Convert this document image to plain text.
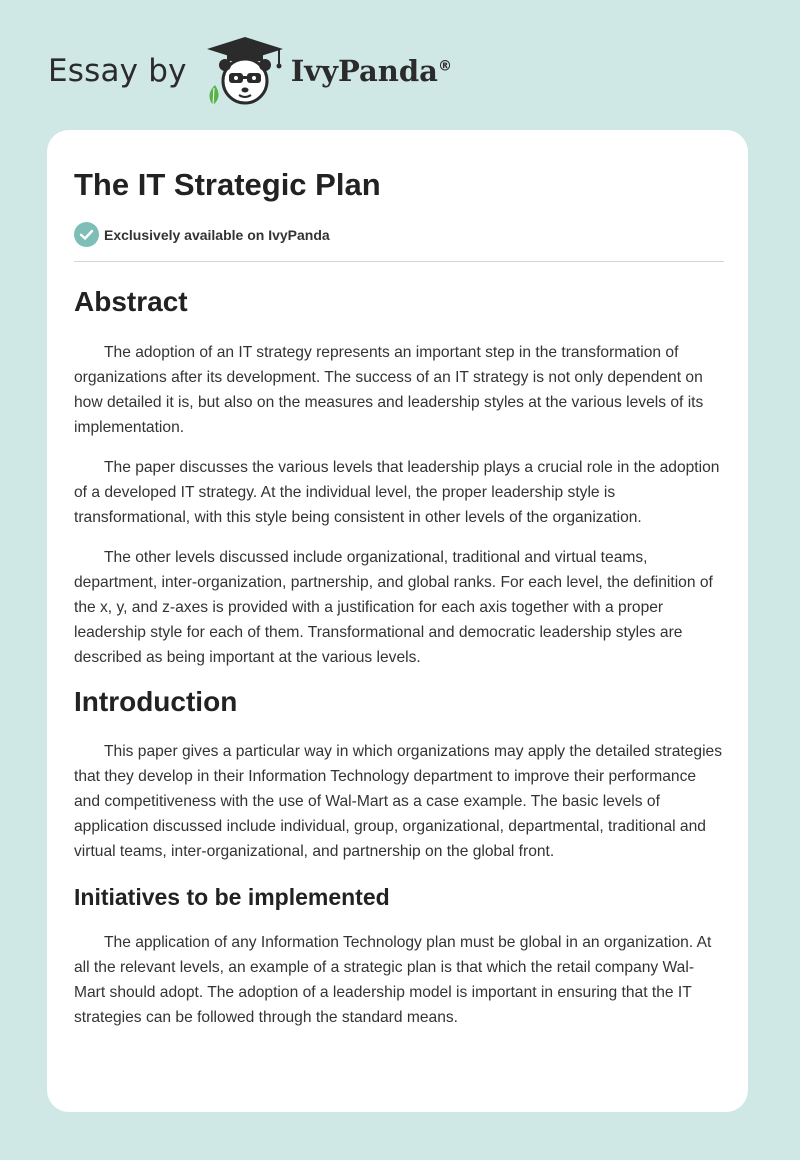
Essay by	IvyPanda®
The IT Strategic Plan
Exclusively available on IvyPanda
Abstract

The adoption of an IT strategy represents an important step in the transformation of organizations after its development. The success of an IT strategy is not only dependent on how detailed it is, but also on the measures and leadership styles at the various levels of its implementation.

The paper discusses the various levels that leadership plays a crucial role in the adoption of a developed IT strategy. At the individual level, the proper leadership style is transformational, with this style being consistent in other levels of the organization.

The other levels discussed include organizational, traditional and virtual teams, department, inter-organization, partnership, and global ranks. For each level, the definition of the x, y, and z-axes is provided with a justification for each axis together with a proper leadership style for each of them. Transformational and democratic leadership styles are described as being important at the various levels.

Introduction

This paper gives a particular way in which organizations may apply the detailed strategies that they develop in their Information Technology department to improve their performance and competitiveness with the use of Wal-Mart as a case example. The basic levels of application discussed include individual, group, organizational, departmental, traditional and virtual teams, inter-organizational, and partnership on the global front.

Initiatives to be implemented

The application of any Information Technology plan must be global in an organization. At all the relevant levels, an example of a strategic plan is that which the retail company Wal-Mart should adopt. The adoption of a leadership model is important in ensuring that the IT strategies can be followed through the standard means.
